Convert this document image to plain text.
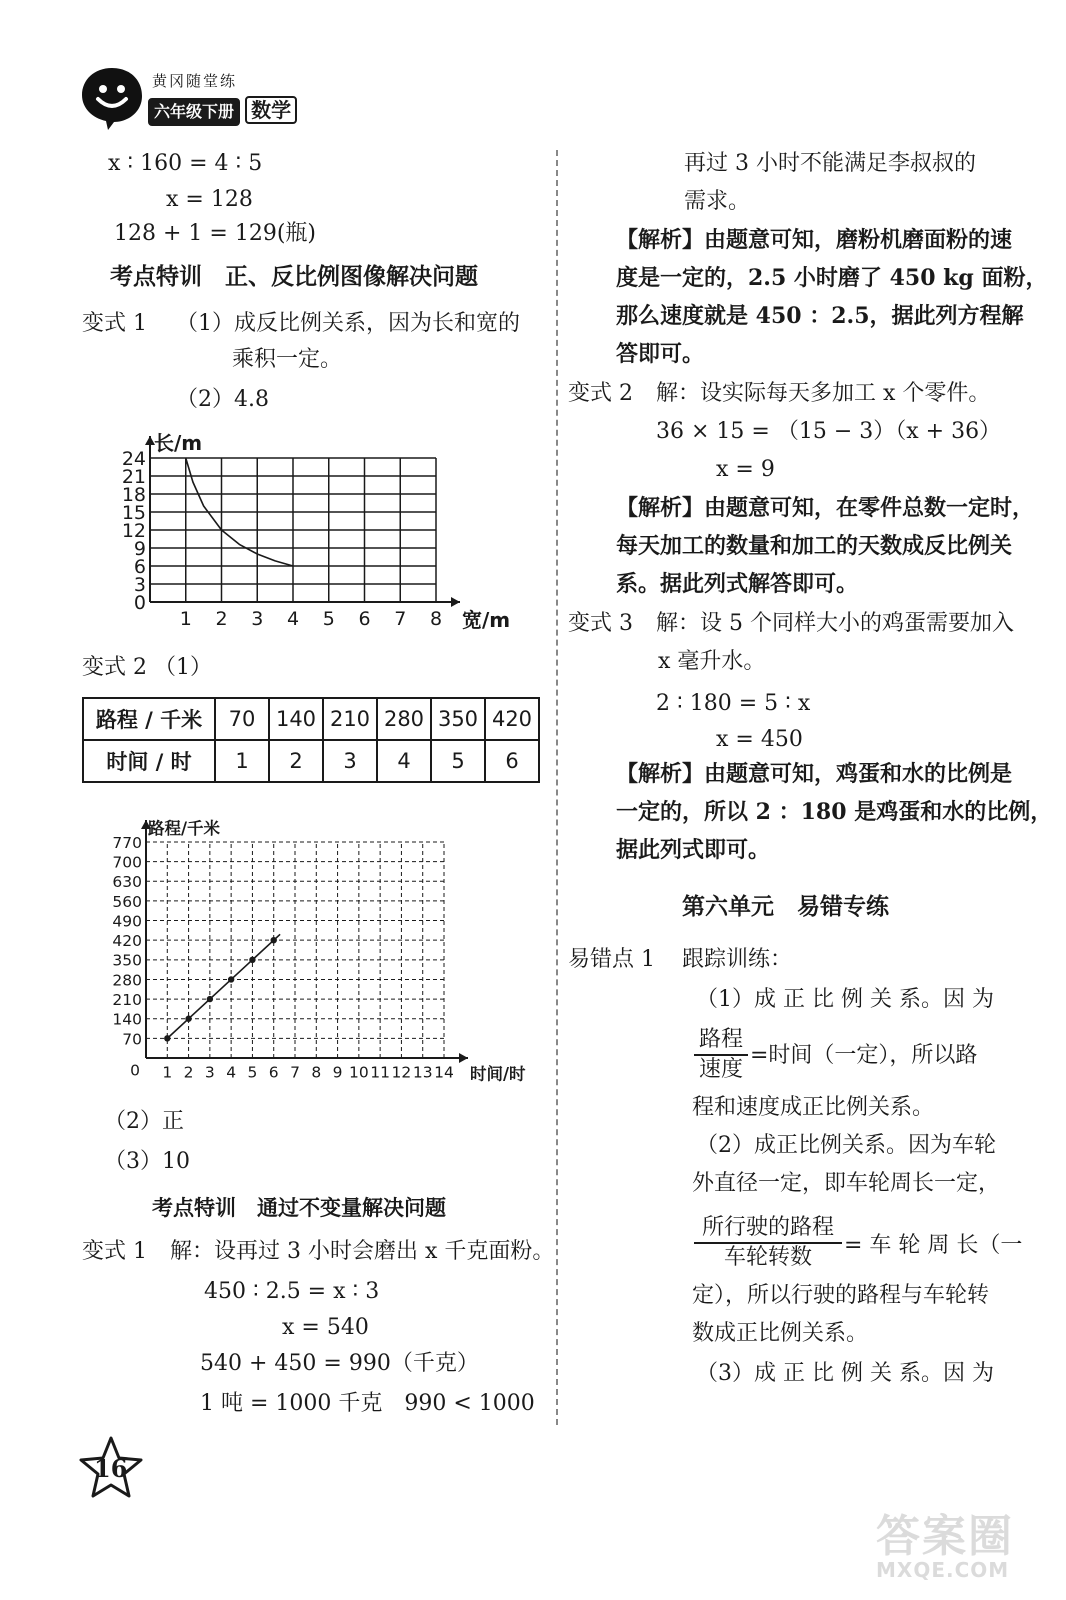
黄冈随堂练
六年级下册 数学
x ∶ 160 = 4 ∶ 5
x = 128
128 + 1 = 129(瓶)
考点特训　正、反比例图像解决问题
变式 1 （1）成反比例关系，因为长和宽的
乘积一定。
（2）4.8
1 2 3 4 5 6 7 8
0
3
6
9
12
15
18
21
24
宽/m
长/m
变式 2 （1）
路程 / 千米	70	140	210	280	350	420
时间 / 时	1	2	3	4	5	6
1 2 3 4 5 6 7 8 9 10 11 12 13 14
70
140
210
280
350
420
490
560
630
700
770
0	时间/时
路程/千米
（2）正
（3）10
考点特训　通过不变量解决问题
变式 1 解：设再过 3 小时会磨出 x 千克面粉。
450 ∶ 2.5 = x ∶ 3
x = 540
540 + 450 = 990（千克）
1 吨 = 1000 千克　990 < 1000
16
再过 3 小时不能满足李叔叔的
需求。
【解析】由题意可知，磨粉机磨面粉的速
度是一定的，2.5 小时磨了 450 kg 面粉，
那么速度就是 450 ：2.5，据此列方程解
答即可。
变式 2 解：设实际每天多加工 x 个零件。
36 × 15 = （15 − 3）（x + 36）
x = 9
【解析】由题意可知，在零件总数一定时，
每天加工的数量和加工的天数成反比例关
系。据此列式解答即可。
变式 3 解：设 5 个同样大小的鸡蛋需要加入
x 毫升水。
2 ∶ 180 = 5 ∶ x
x = 450
【解析】由题意可知，鸡蛋和水的比例是
一定的，所以 2 ：180 是鸡蛋和水的比例，
据此列式即可。
第六单元　易错专练
易错点 1 跟踪训练：
（1）成 正 比 例 关 系。因 为
路程
速度
=时间（一定），所以路
程和速度成正比例关系。
（2）成正比例关系。因为车轮
外直径一定，即车轮周长一定，
所行驶的路程
车轮转数	= 车 轮 周 长（一
定），所以行驶的路程与车轮转
数成正比例关系。
（3）成 正 比 例 关 系。因 为
答案圈
MXQE.COM
